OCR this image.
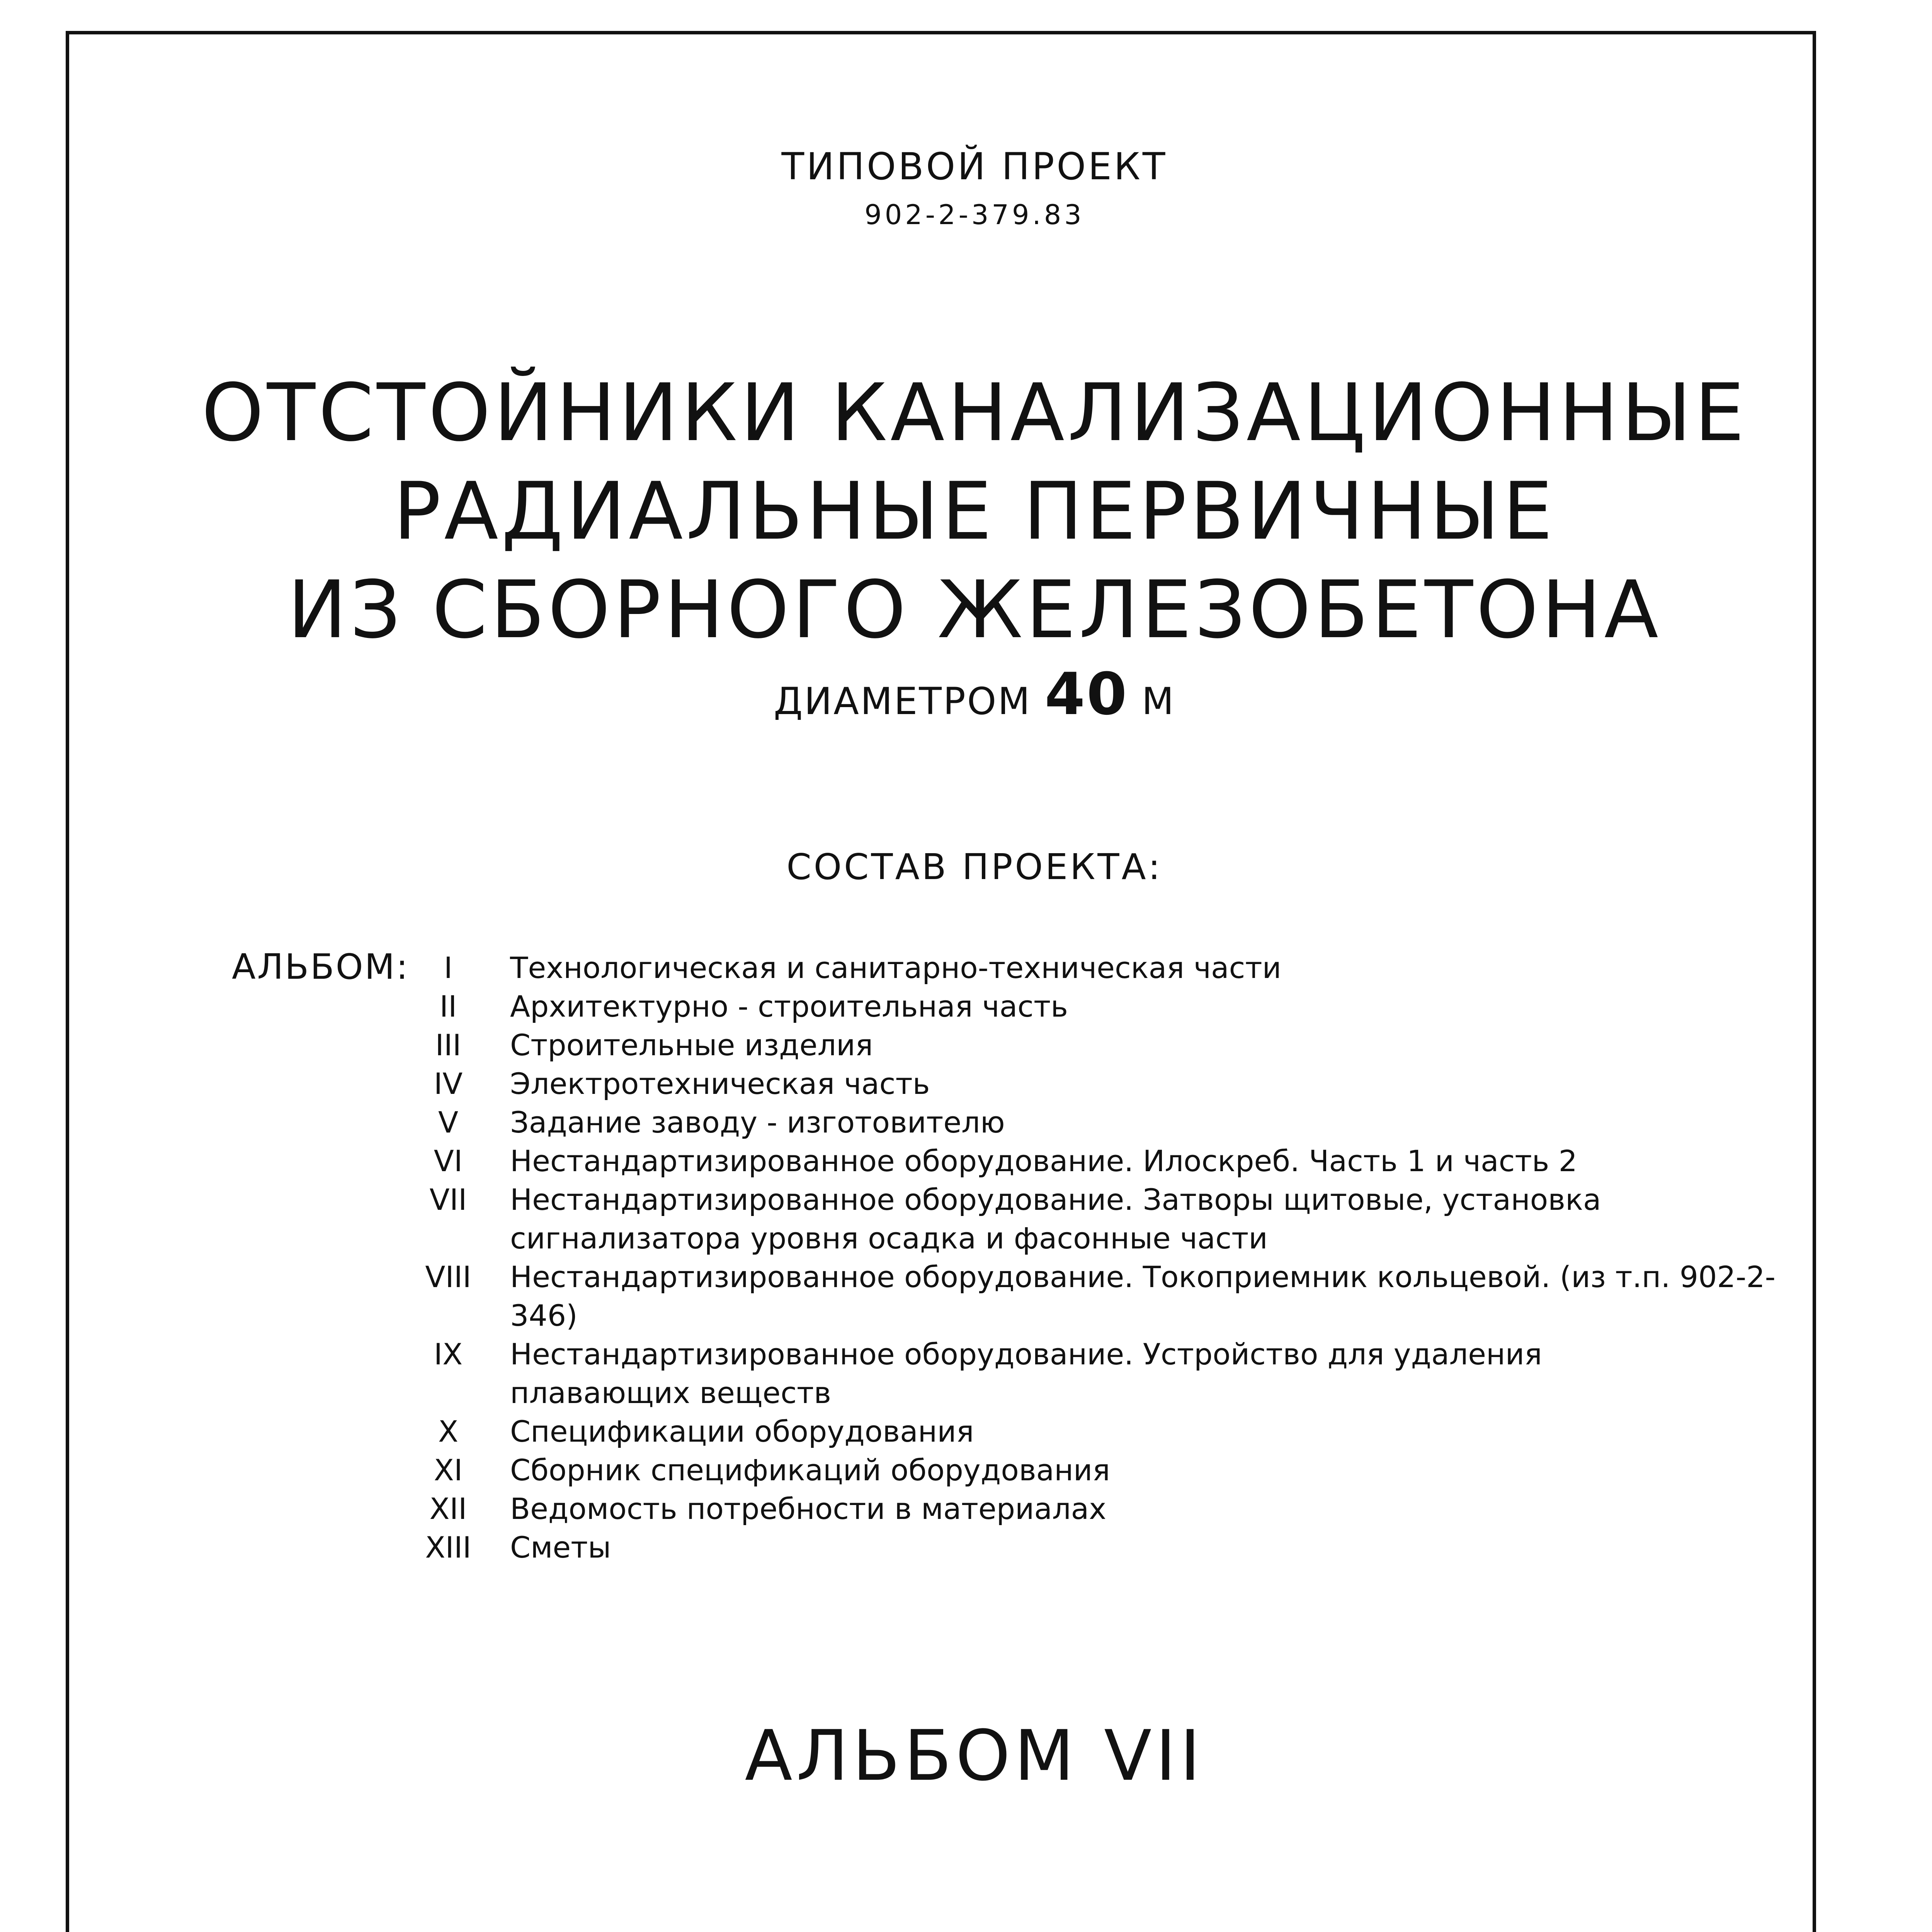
ТИПОВОЙ ПРОЕКТ
902-2-379.83
ОТСТОЙНИКИ КАНАЛИЗАЦИОННЫЕ
РАДИАЛЬНЫЕ ПЕРВИЧНЫЕ
ИЗ СБОРНОГО ЖЕЛЕЗОБЕТОНА
ДИАМЕТРОМ 40 М
СОСТАВ ПРОЕКТА:
АЛЬБОМ:	I	Технологическая и санитарно-техническая части
II	Архитектурно - строительная часть
III	Строительные изделия
IV	Электротехническая часть
V	Задание заводу - изготовителю
VI	Нестандартизированное оборудование. Илоскреб. Часть 1 и часть 2
VII	Нестандартизированное оборудование. Затворы щитовые, установка
сигнализатора уровня осадка и фасонные части
VIII	Нестандартизированное оборудование. Токоприемник кольцевой. (из т.п. 902-2-346)
IX	Нестандартизированное оборудование. Устройство для удаления
плавающих веществ
X	Спецификации оборудования
XI	Сборник спецификаций оборудования
XII	Ведомость потребности в материалах
XIII	Сметы
АЛЬБОМ VII
